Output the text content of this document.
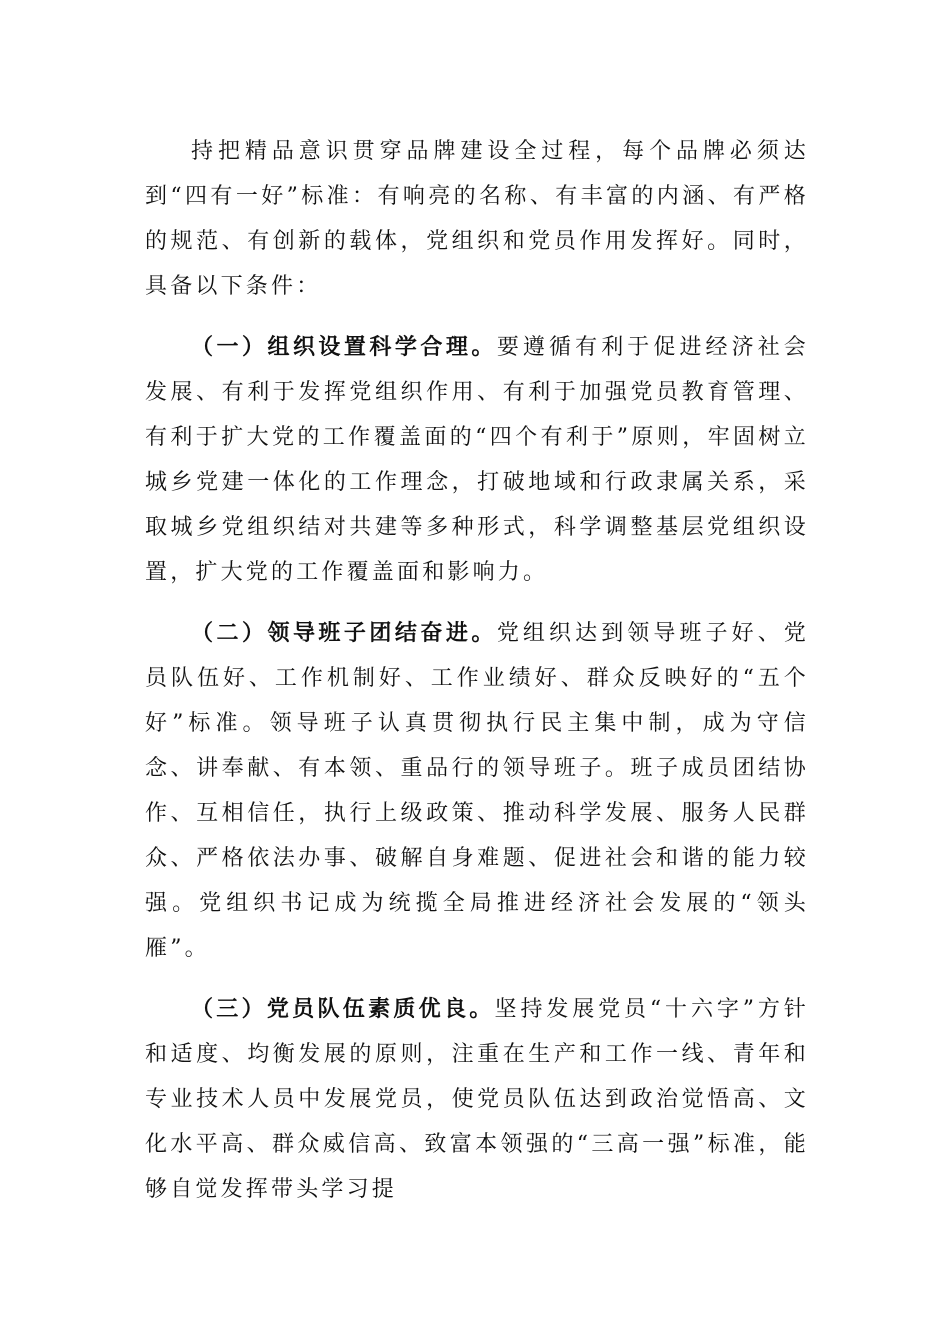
持把精品意识贯穿品牌建设全过程，每个品牌必须达到“四有一好”标准：有响亮的名称、有丰富的内涵、有严格的规范、有创新的载体，党组织和党员作用发挥好。同时，具备以下条件：

（一）组织设置科学合理。要遵循有利于促进经济社会发展、有利于发挥党组织作用、有利于加强党员教育管理、有利于扩大党的工作覆盖面的“四个有利于”原则，牢固树立城乡党建一体化的工作理念，打破地域和行政隶属关系，采取城乡党组织结对共建等多种形式，科学调整基层党组织设置，扩大党的工作覆盖面和影响力。

（二）领导班子团结奋进。党组织达到领导班子好、党员队伍好、工作机制好、工作业绩好、群众反映好的“五个好”标准。领导班子认真贯彻执行民主集中制，成为守信念、讲奉献、有本领、重品行的领导班子。班子成员团结协作、互相信任，执行上级政策、推动科学发展、服务人民群众、严格依法办事、破解自身难题、促进社会和谐的能力较强。党组织书记成为统揽全局推进经济社会发展的“领头雁”。

（三）党员队伍素质优良。坚持发展党员“十六字”方针和适度、均衡发展的原则，注重在生产和工作一线、青年和专业技术人员中发展党员，使党员队伍达到政治觉悟高、文化水平高、群众威信高、致富本领强的“三高一强”标准，能够自觉发挥带头学习提
